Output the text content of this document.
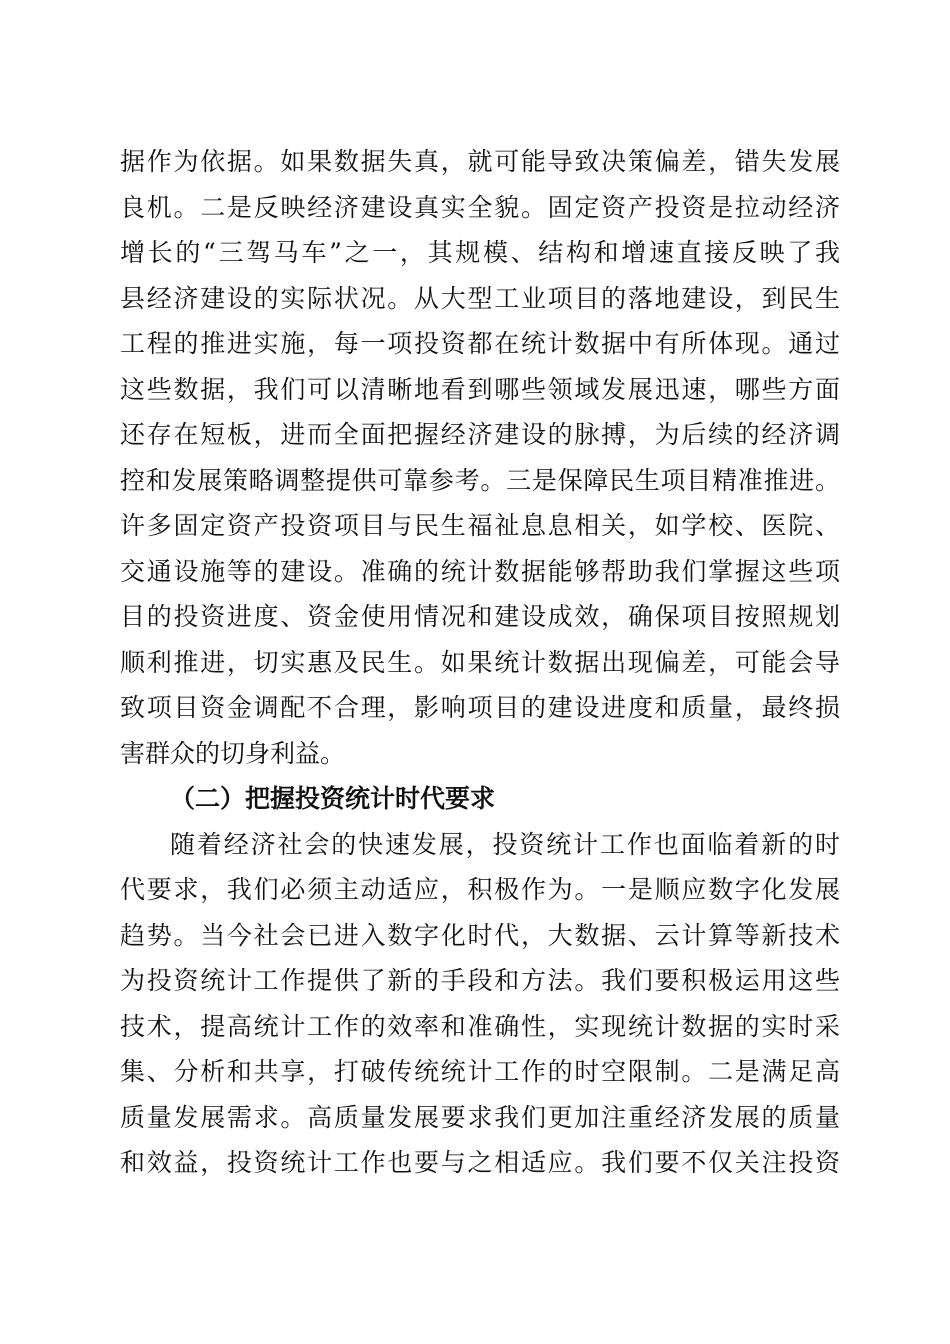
据作为依据。如果数据失真，就可能导致决策偏差，错失发展
良机。二是反映经济建设真实全貌。固定资产投资是拉动经济
增长的“三驾马车”之一，其规模、结构和增速直接反映了我
县经济建设的实际状况。从大型工业项目的落地建设，到民生
工程的推进实施，每一项投资都在统计数据中有所体现。通过
这些数据，我们可以清晰地看到哪些领域发展迅速，哪些方面
还存在短板，进而全面把握经济建设的脉搏，为后续的经济调
控和发展策略调整提供可靠参考。三是保障民生项目精准推进。
许多固定资产投资项目与民生福祉息息相关，如学校、医院、
交通设施等的建设。准确的统计数据能够帮助我们掌握这些项
目的投资进度、资金使用情况和建设成效，确保项目按照规划
顺利推进，切实惠及民生。如果统计数据出现偏差，可能会导
致项目资金调配不合理，影响项目的建设进度和质量，最终损
害群众的切身利益。
（二）把握投资统计时代要求
随着经济社会的快速发展，投资统计工作也面临着新的时
代要求，我们必须主动适应，积极作为。一是顺应数字化发展
趋势。当今社会已进入数字化时代，大数据、云计算等新技术
为投资统计工作提供了新的手段和方法。我们要积极运用这些
技术，提高统计工作的效率和准确性，实现统计数据的实时采
集、分析和共享，打破传统统计工作的时空限制。二是满足高
质量发展需求。高质量发展要求我们更加注重经济发展的质量
和效益，投资统计工作也要与之相适应。我们要不仅关注投资
